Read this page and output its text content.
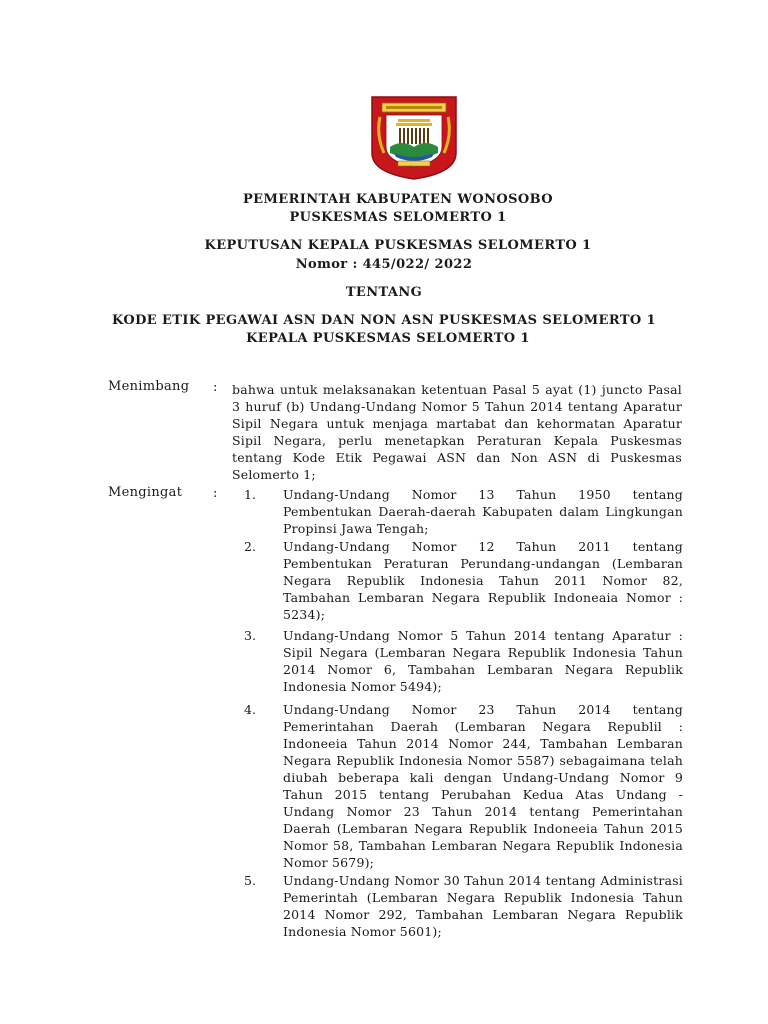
PEMERINTAH KABUPATEN WONOSOBO
PUSKESMAS SELOMERTO 1
KEPUTUSAN KEPALA PUSKESMAS SELOMERTO 1
Nomor : 445/022/ 2022
TENTANG
KODE ETIK PEGAWAI ASN DAN NON ASN PUSKESMAS SELOMERTO 1
KEPALA PUSKESMAS SELOMERTO 1
Menimbang : bahwa untuk melaksanakan ketentuan Pasal 5 ayat (1) juncto Pasal 3 huruf (b) Undang-Undang Nomor 5 Tahun 2014 tentang Aparatur Sipil Negara untuk menjaga martabat dan kehormatan Aparatur Sipil Negara, perlu menetapkan Peraturan Kepala Puskesmas tentang Kode Etik Pegawai ASN dan Non ASN di Puskesmas Selomerto 1;
Mengingat : 1. Undang-Undang Nomor 13 Tahun 1950 tentang Pembentukan Daerah-daerah Kabupaten dalam Lingkungan Propinsi Jawa Tengah;
2. Undang-Undang Nomor 12 Tahun 2011 tentang Pembentukan Peraturan Perundang-undangan (Lembaran Negara Republik Indonesia Tahun 2011 Nomor 82, Tambahan Lembaran Negara Republik Indoneaia Nomor : 5234);
3. Undang-Undang Nomor 5 Tahun 2014 tentang Aparatur : Sipil Negara (Lembaran Negara Republik Indonesia Tahun 2014 Nomor 6, Tambahan Lembaran Negara Republik Indonesia Nomor 5494);
4. Undang-Undang Nomor 23 Tahun 2014 tentang Pemerintahan Daerah (Lembaran Negara Republil : Indoneeia Tahun 2014 Nomor 244, Tambahan Lembaran Negara Republik Indonesia Nomor 5587) sebagaimana telah diubah beberapa kali dengan Undang-Undang Nomor 9 Tahun 2015 tentang Perubahan Kedua Atas Undang - Undang Nomor 23 Tahun 2014 tentang Pemerintahan Daerah (Lembaran Negara Republik Indoneeia Tahun 2015 Nomor 58, Tambahan Lembaran Negara Republik Indonesia Nomor 5679);
5. Undang-Undang Nomor 30 Tahun 2014 tentang Administrasi Pemerintah (Lembaran Negara Republik Indonesia Tahun 2014 Nomor 292, Tambahan Lembaran Negara Republik Indonesia Nomor 5601);
